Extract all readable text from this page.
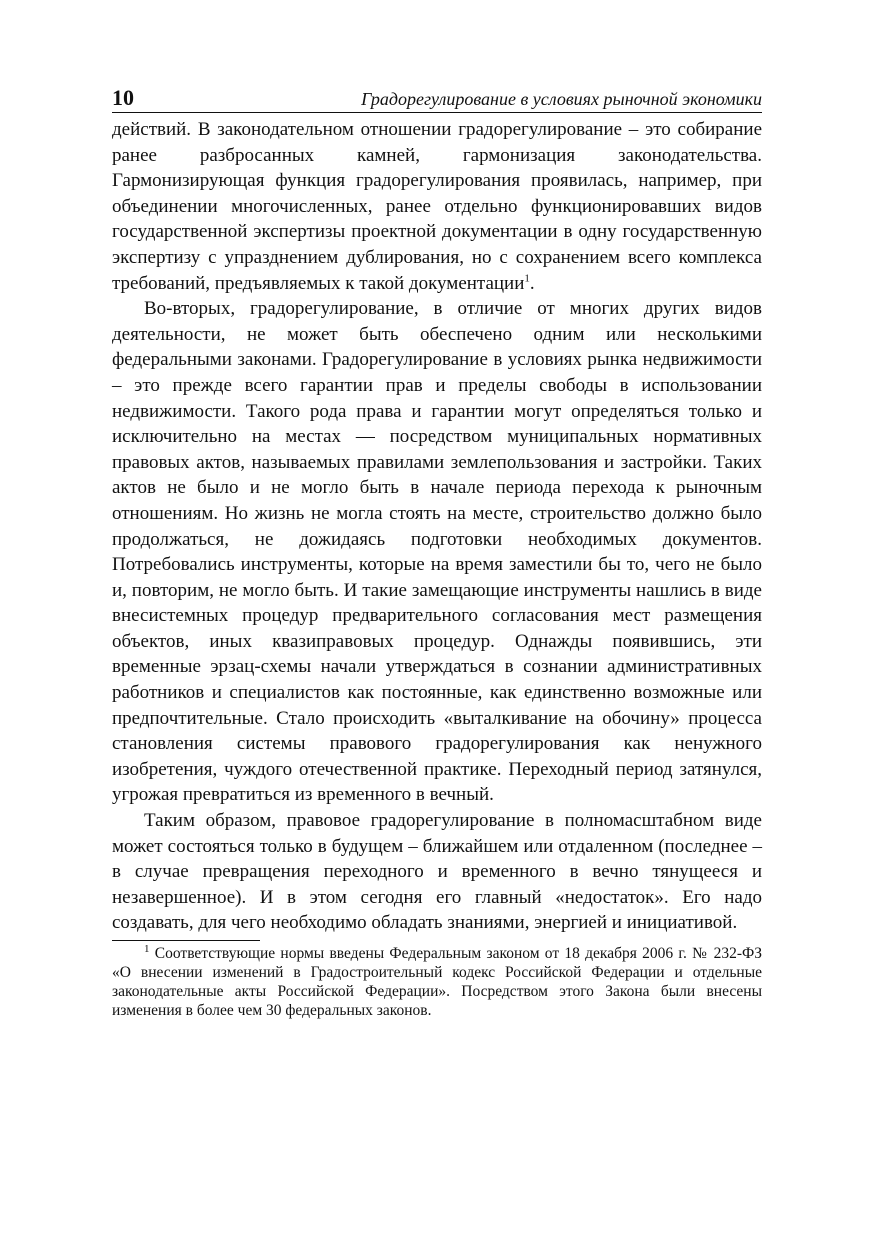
10	Градорегулирование в условиях рыночной экономики

действий. В законодательном отношении градорегулирование – это собирание ранее разбросанных камней, гармонизация законодательства. Гармонизирующая функция градорегулирования проявилась, например, при объединении многочисленных, ранее отдельно функционировавших видов государственной экспертизы проектной документации в одну государственную экспертизу с упразднением дублирования, но с сохранением всего комплекса требований, предъявляемых к такой документации$^1$.

Во-вторых, градорегулирование, в отличие от многих других видов деятельности, не может быть обеспечено одним или несколькими федеральными законами. Градорегулирование в условиях рынка недвижимости – это прежде всего гарантии прав и пределы свободы в использовании недвижимости. Такого рода права и гарантии могут определяться только и исключительно на местах — посредством муниципальных нормативных правовых актов, называемых правилами землепользования и застройки. Таких актов не было и не могло быть в начале периода перехода к рыночным отношениям. Но жизнь не могла стоять на месте, строительство должно было продолжаться, не дожидаясь подготовки необходимых документов. Потребовались инструменты, которые на время заместили бы то, чего не было и, повторим, не могло быть. И такие замещающие инструменты нашлись в виде внесистемных процедур предварительного согласования мест размещения объектов, иных квазиправовых процедур. Однажды появившись, эти временные эрзац-схемы начали утверждаться в сознании административных работников и специалистов как постоянные, как единственно возможные или предпочтительные. Стало происходить «выталкивание на обочину» процесса становления системы правового градорегулирования как ненужного изобретения, чуждого отечественной практике. Переходный период затянулся, угрожая превратиться из временного в вечный.

Таким образом, правовое градорегулирование в полномасштабном виде может состояться только в будущем – ближайшем или отдаленном (последнее – в случае превращения переходного и временного в вечно тянущееся и незавершенное). И в этом сегодня его главный «недостаток». Его надо создавать, для чего необходимо обладать знаниями, энергией и инициативой.

$^1$ Соответствующие нормы введены Федеральным законом от 18 декабря 2006 г. № 232-ФЗ «О внесении изменений в Градостроительный кодекс Российской Федерации и отдельные законодательные акты Российской Федерации». Посредством этого Закона были внесены изменения в более чем 30 федеральных законов.
